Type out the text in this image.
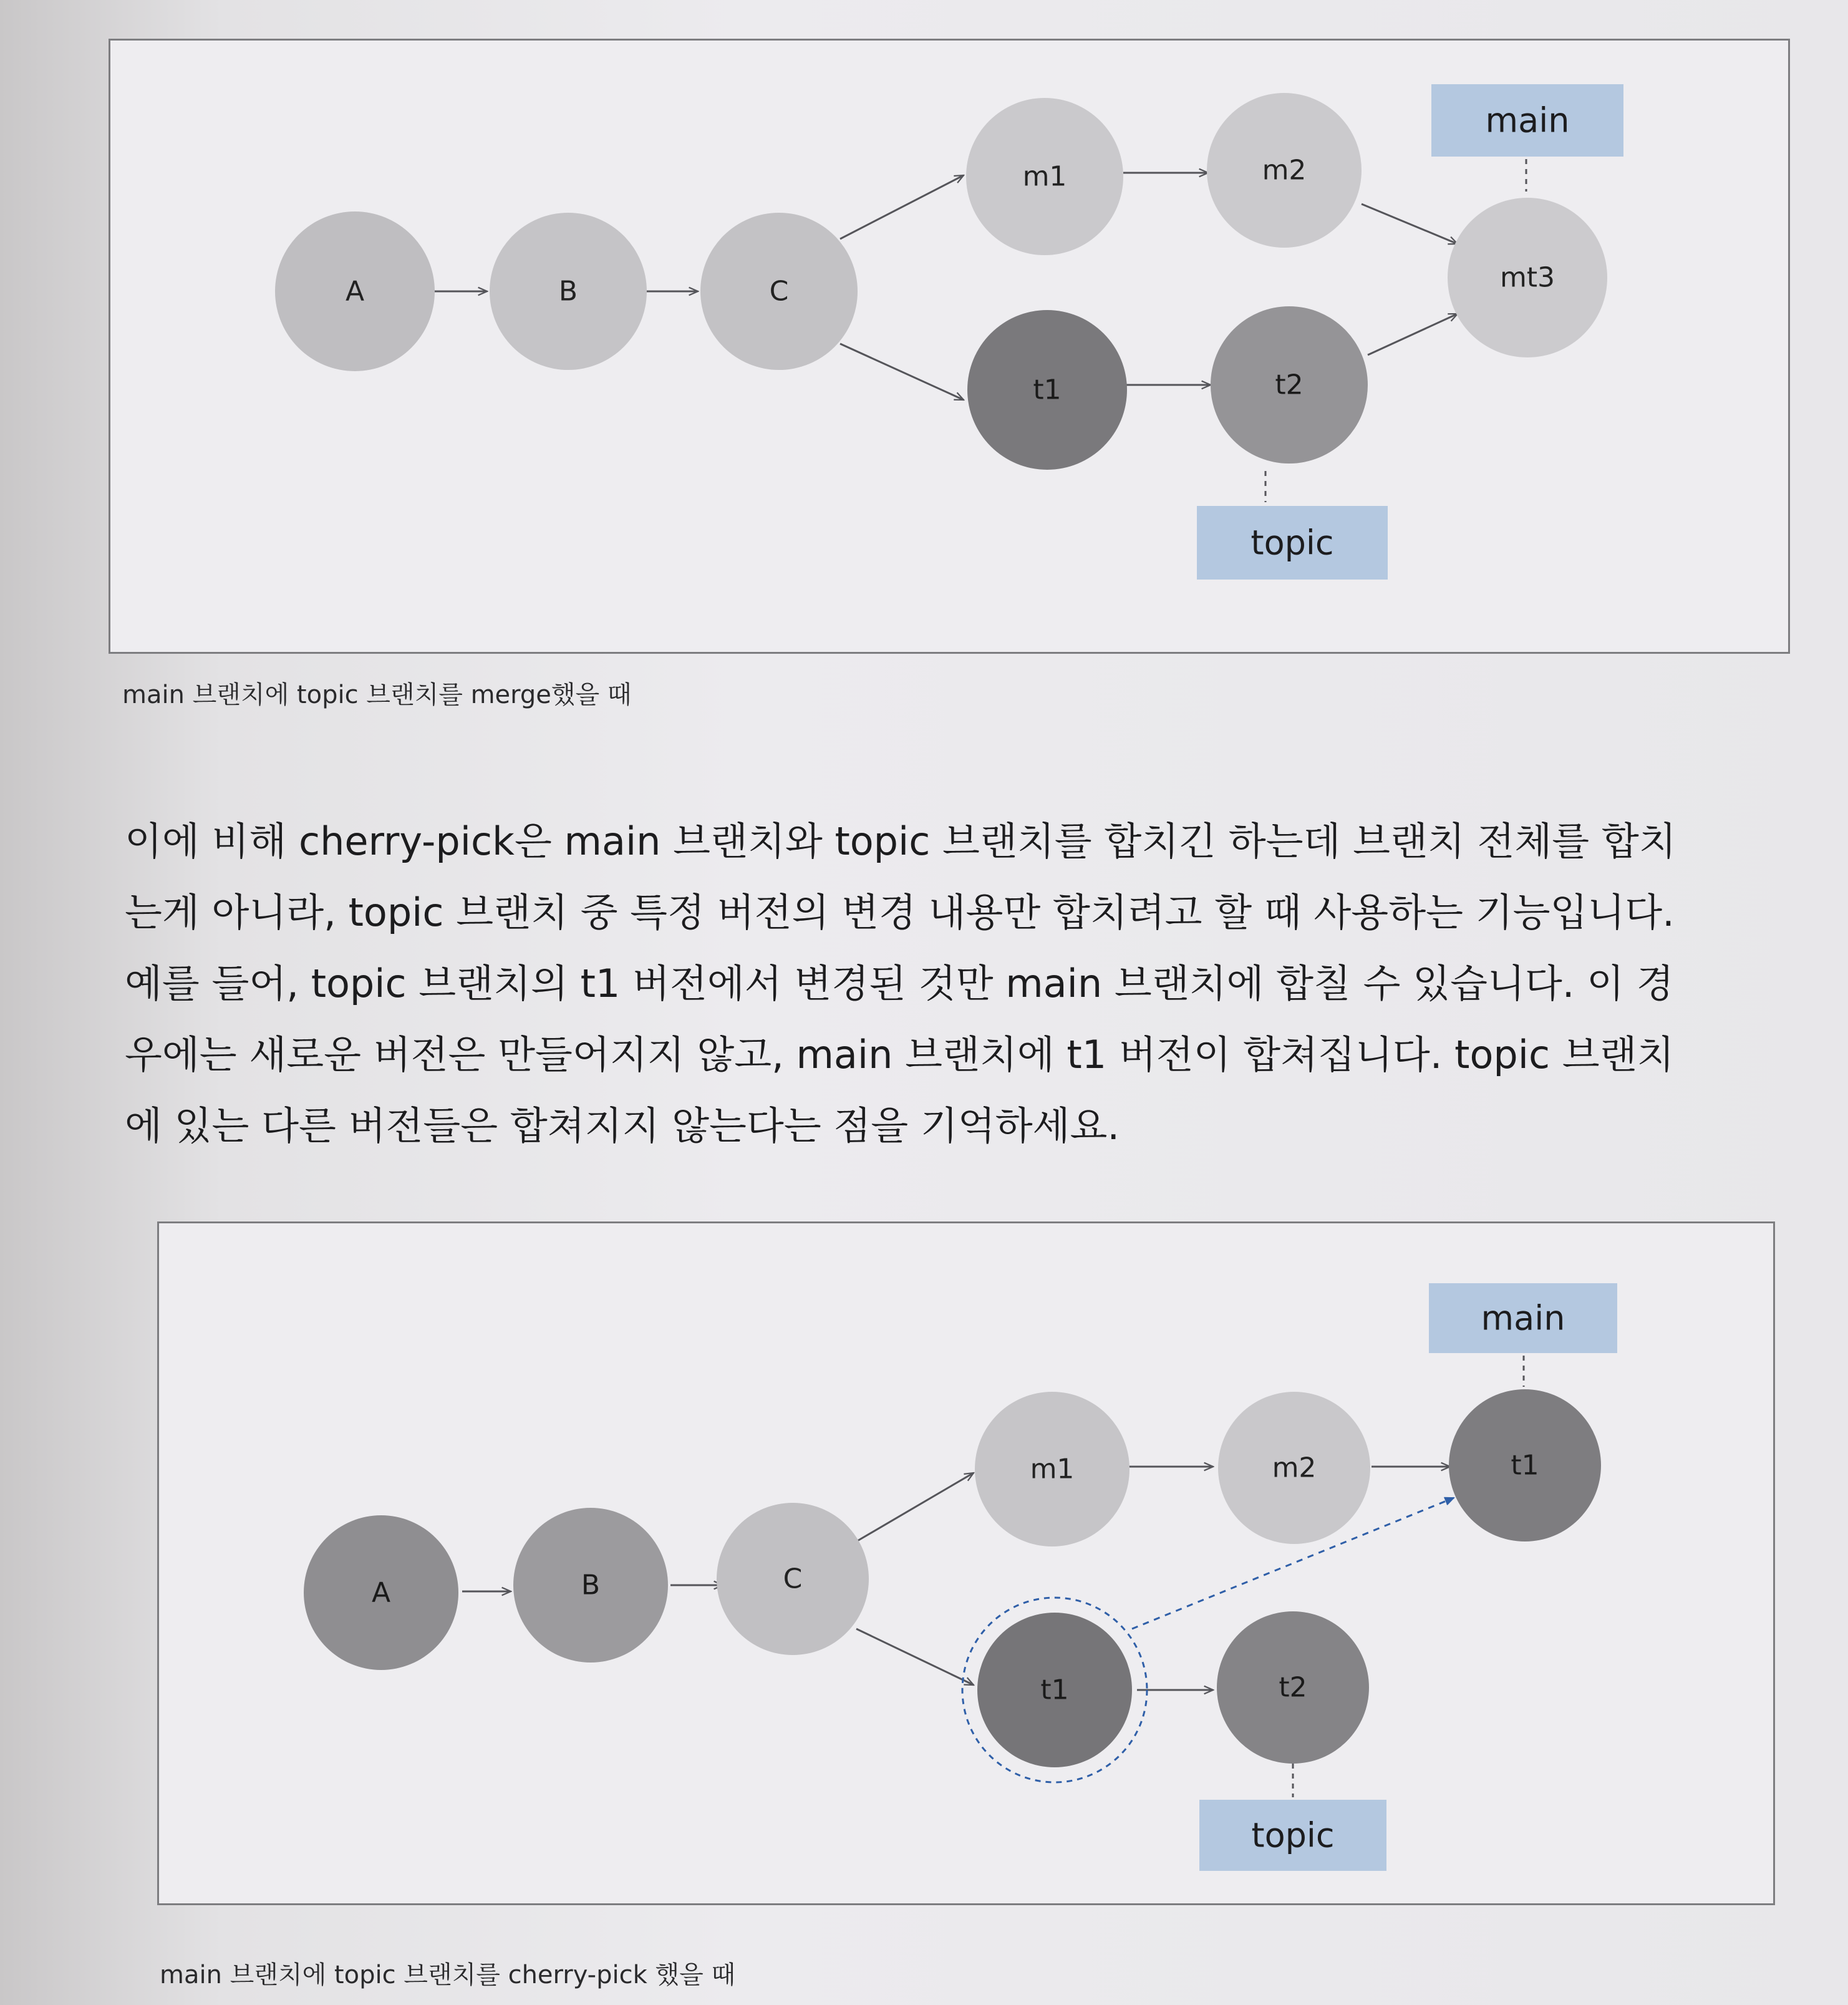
A	B	C
m1	m2
mt3
t1	t2
main
topic
main 브랜치에 topic 브랜치를 merge했을 때
이에 비해 cherry-pick은 main 브랜치와 topic 브랜치를 합치긴 하는데 브랜치 전체를 합치
는게 아니라, topic 브랜치 중 특정 버전의 변경 내용만 합치려고 할 때 사용하는 기능입니다.
예를 들어, topic 브랜치의 t1 버전에서 변경된 것만 main 브랜치에 합칠 수 있습니다. 이 경
우에는 새로운 버전은 만들어지지 않고, main 브랜치에 t1 버전이 합쳐집니다. topic 브랜치
에 있는 다른 버전들은 합쳐지지 않는다는 점을 기억하세요.
A	B	C
m1	m2	t1
t1	t2
main
topic
main 브랜치에 topic 브랜치를 cherry-pick 했을 때
